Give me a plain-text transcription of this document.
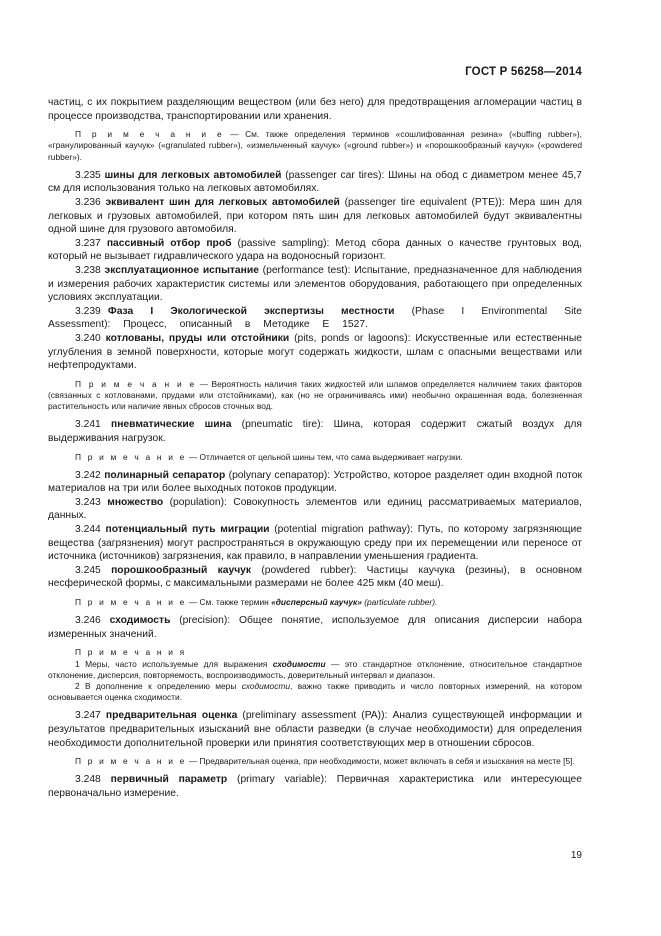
ГОСТ Р 56258—2014

частиц, с их покрытием разделяющим веществом (или без него) для предотвращения агломерации частиц в процессе производства, транспортировании или хранения.

П р и м е ч а н и е — См. также определения терминов «сошлифованная резина» («buffing rubber»), «гранулированный каучук» («granulated rubber»), «измельченный каучук» («ground rubber») и «порошкообразный каучук» («powdered rubber»).

3.235 шины для легковых автомобилей (passenger car tires): Шины на обод с диаметром менее 45,7 см для использования только на легковых автомобилях.

3.236 эквивалент шин для легковых автомобилей (passenger tire equivalent (PTE)): Мера шин для легковых и грузовых автомобилей, при котором пять шин для легковых автомобилей будут эквивалентны одной шине для грузового автомобиля.

3.237 пассивный отбор проб (passive sampling): Метод сбора данных о качестве грунтовых вод, который не вызывает гидравлического удара на водоносный горизонт.

3.238 эксплуатационное испытание (performance test): Испытание, предназначенное для наблюдения и измерения рабочих характеристик системы или элементов оборудования, работающего при определенных условиях эксплуатации.

3.239 Фаза I Экологической экспертизы местности (Phase I Environmental Site Assessment): Процесс, описанный в Методике Е 1527.

3.240 котлованы, пруды или отстойники (pits, ponds or lagoons): Искусственные или естественные углубления в земной поверхности, которые могут содержать жидкости, шлам с опасными веществами или нефтепродуктами.

П р и м е ч а н и е — Вероятность наличия таких жидкостей или шламов определяется наличием таких факторов (связанных с котлованами, прудами или отстойниками), как (но не ограничиваясь ими) необычно окрашенная вода, болезненная растительность или наличие явных сбросов сточных вод.

3.241 пневматические шина (pneumatic tire): Шина, которая содержит сжатый воздух для выдерживания нагрузок.

П р и м е ч а н и е — Отличается от цельной шины тем, что сама выдерживает нагрузки.

3.242 полинарный сепаратор (polynary сепаратор): Устройство, которое разделяет один входной поток материалов на три или более выходных потоков продукции.

3.243 множество (population): Совокупность элементов или единиц рассматриваемых материалов, данных.

3.244 потенциальный путь миграции (potential migration pathway): Путь, по которому загрязняющие вещества (загрязнения) могут распространяться в окружающую среду при их перемещении или переносе от источника (источников) загрязнения, как правило, в направлении уменьшения градиента.

3.245 порошкообразный каучук (powdered rubber): Частицы каучука (резины), в основном несферической формы, с максимальными размерами не более 425 мкм (40 меш).

П р и м е ч а н и е — См. также термин «дисперсный каучук» (particulate rubber).

3.246 сходимость (precision): Общее понятие, используемое для описания дисперсии набора измеренных значений.

П р и м е ч а н и я

1 Меры, часто используемые для выражения сходимости — это стандартное отклонение, относительное стандартное отклонение, дисперсия, повторяемость, воспроизводимость, доверительный интервал и диапазон.

2 В дополнение к определению меры сходимости, важно также приводить и число повторных измерений, на котором основывается оценка сходимости.

3.247 предварительная оценка (preliminary assessment (PA)): Анализ существующей информации и результатов предварительных изысканий вне области разведки (в случае необходимости) для определения необходимости дополнительной проверки или принятия соответствующих мер в отношении сбросов.

П р и м е ч а н и е — Предварительная оценка, при необходимости, может включать в себя и изыскания на месте [5].

3.248 первичный параметр (primary variable): Первичная характеристика или интересующее первоначально измерение.

19
